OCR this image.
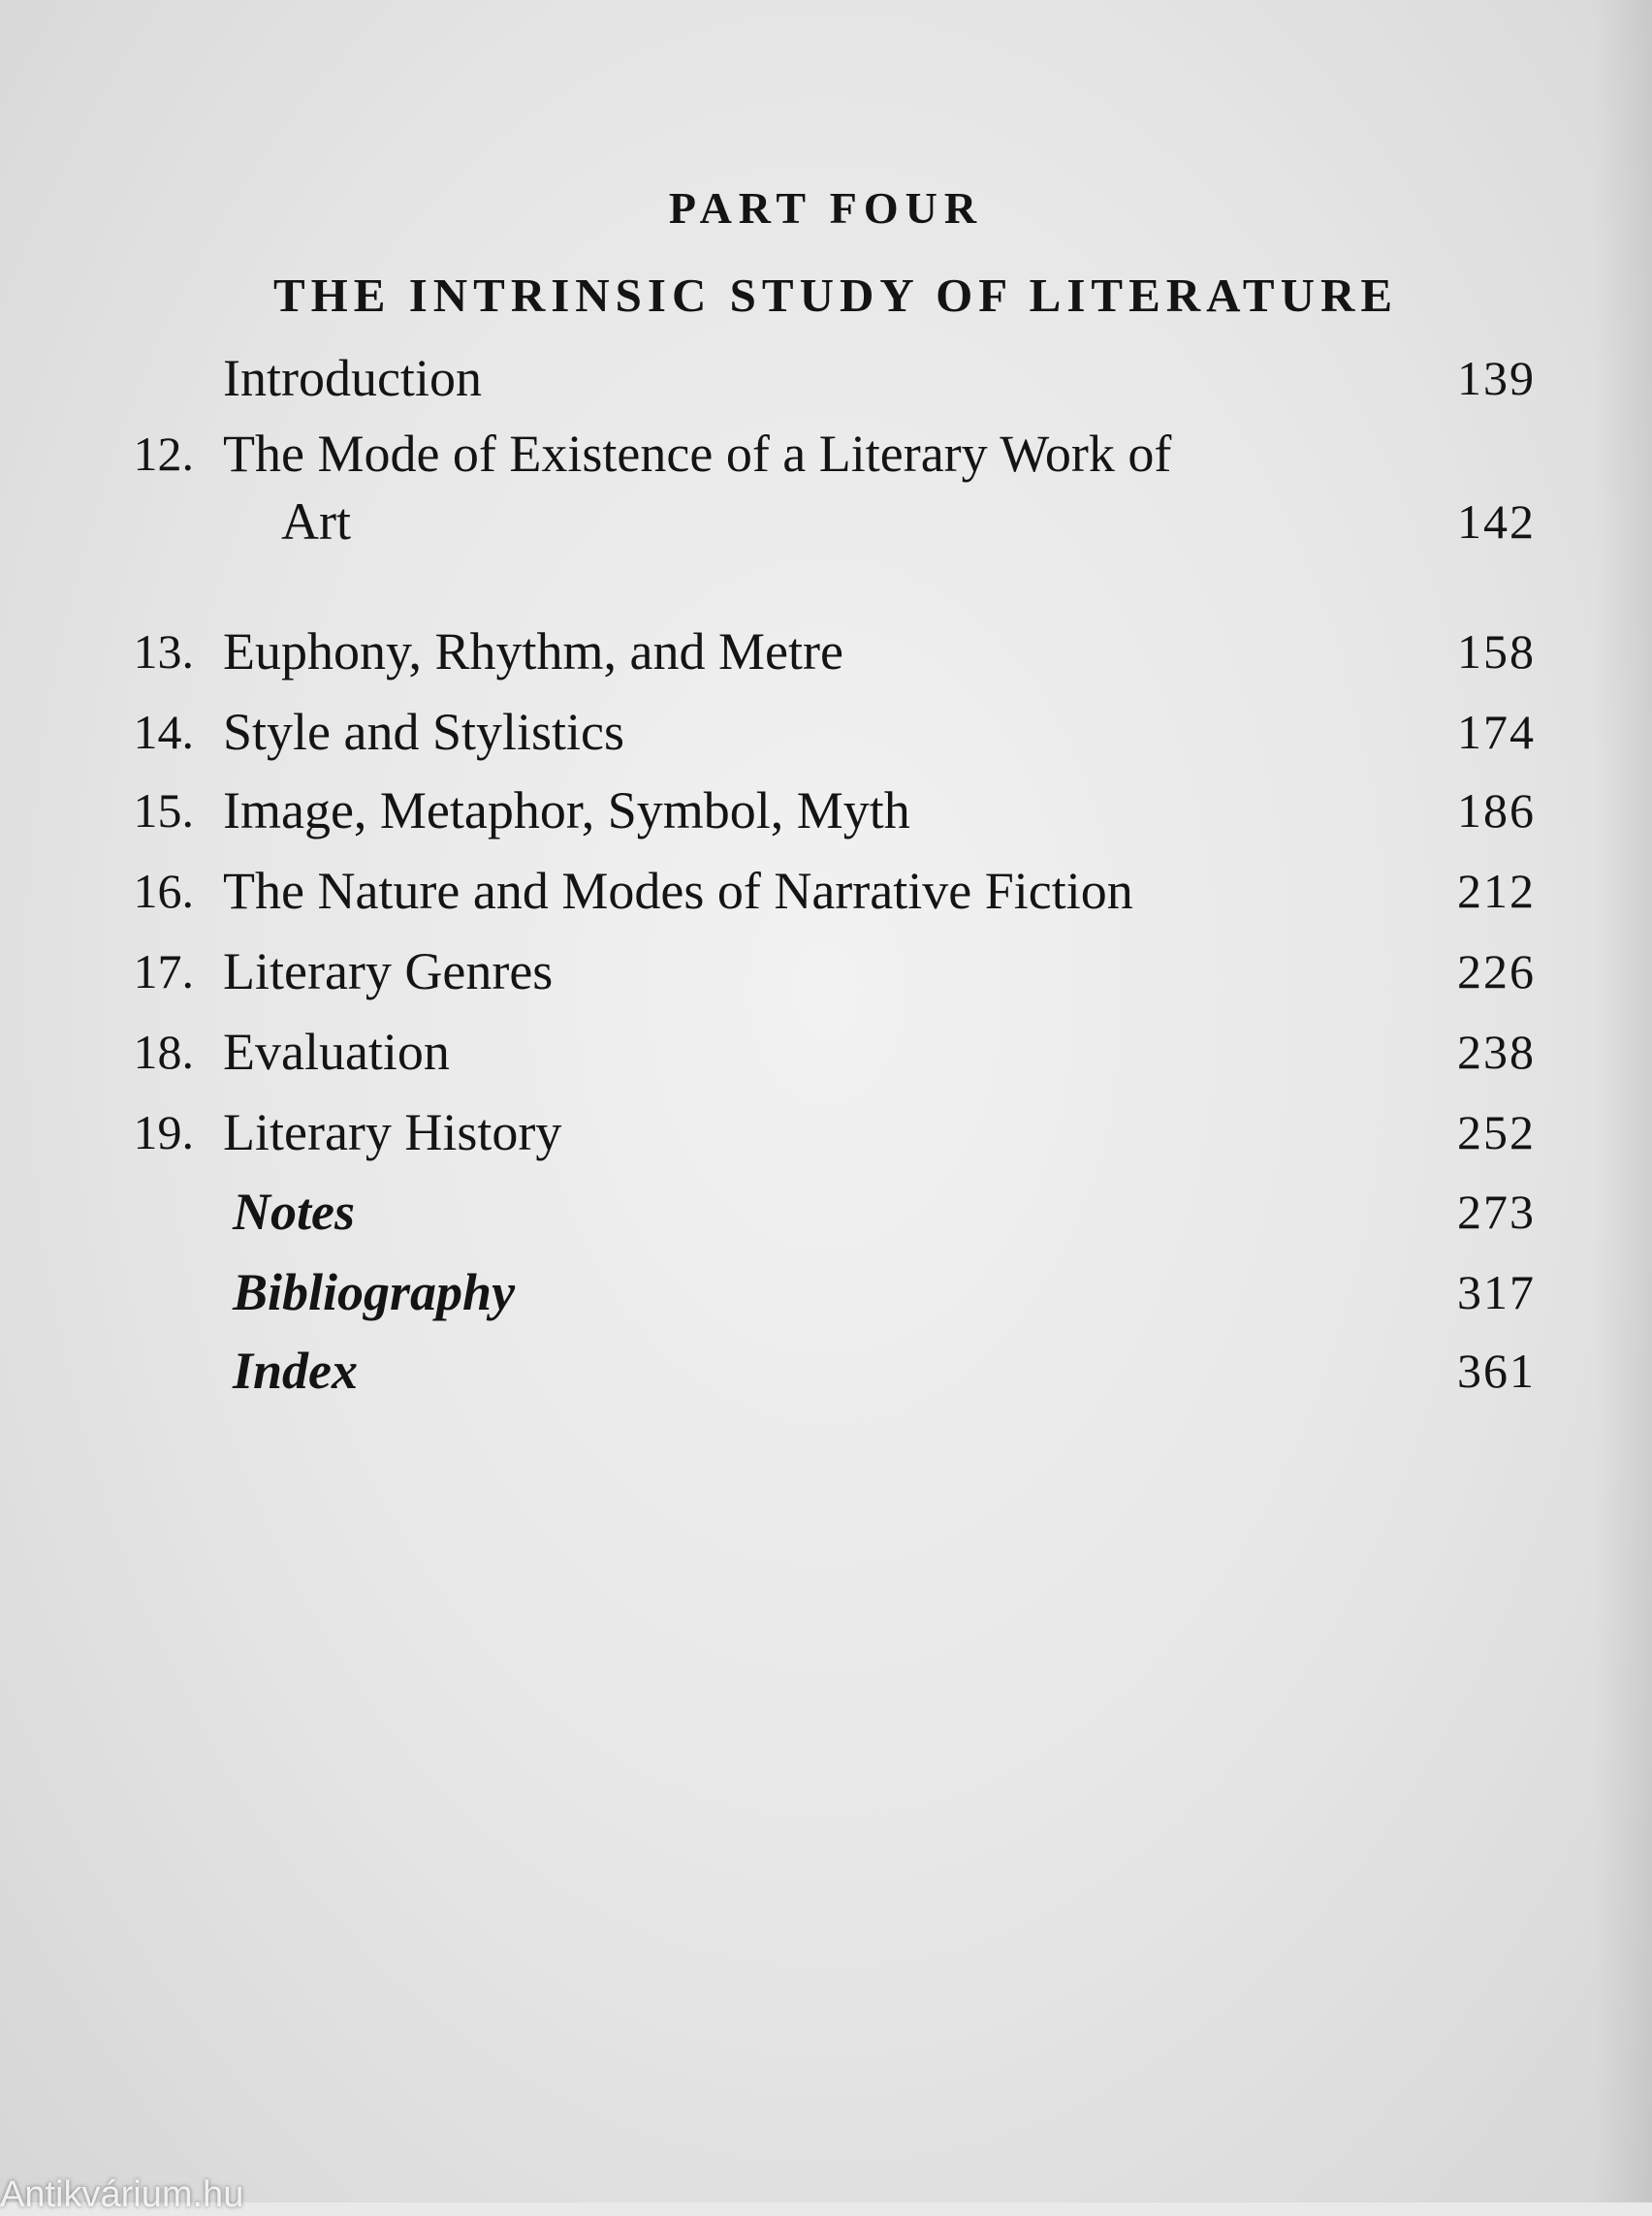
PART FOUR
THE INTRINSIC STUDY OF LITERATURE
Introduction	139
12. The Mode of Existence of a Literary Work of
Art	142
13. Euphony, Rhythm, and Metre	158
14. Style and Stylistics	174
15. Image, Metaphor, Symbol, Myth	186
16. The Nature and Modes of Narrative Fiction	212
17. Literary Genres	226
18. Evaluation	238
19. Literary History	252
Notes	273
Bibliography	317
Index	361
Antikvárium.hu
